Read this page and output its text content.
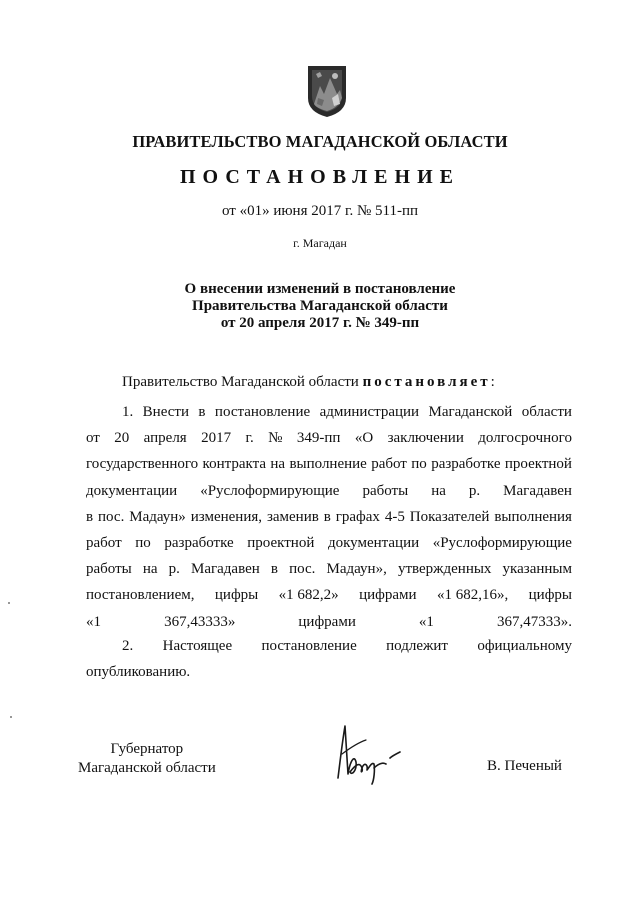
ПРАВИТЕЛЬСТВО МАГАДАНСКОЙ ОБЛАСТИ
ПОСТАНОВЛЕНИЕ
от «01» июня 2017 г. № 511-пп
г. Магадан
О внесении изменений в постановление
Правительства Магаданской области
от 20 апреля 2017 г. № 349-пп
Правительство Магаданской области постановляет:
1. Внести в постановление администрации Магаданской области
от 20 апреля 2017 г. № 349-пп «О заключении долгосрочного
государственного контракта на выполнение работ по разработке проектной
документации «Руслоформирующие работы на р. Магадавен
в пос. Мадаун» изменения, заменив в графах 4-5 Показателей выполнения
работ по разработке проектной документации «Руслоформирующие
работы на р. Магадавен в пос. Мадаун», утвержденных указанным
постановлением, цифры «1 682,2» цифрами «1 682,16», цифры
«1 367,43333» цифрами «1 367,47333».
2. Настоящее постановление подлежит официальному
опубликованию.
Губернатор
Магаданской области	В. Печеный
